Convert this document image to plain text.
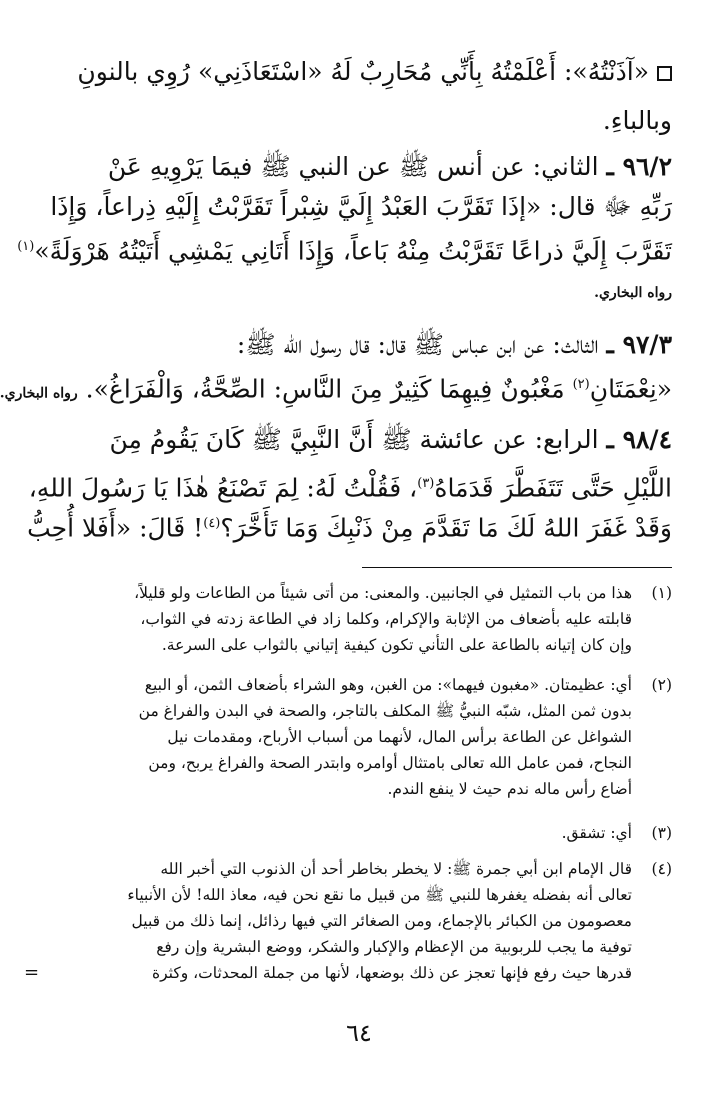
«آذَنْتُهُ»: أَعْلَمْتُهُ بِأَنِّي مُحَارِبٌ لَهُ «اسْتَعَاذَنِي» رُوِي بالنونِ
وبالباءِ.
٩٦/٢ ـ الثاني: عن أنس ﷺ عن النبي ﷺ فيمَا يَرْوِيهِ عَنْ
رَبِّهِ ﷻ قال: «إذَا تَقَرَّبَ العَبْدُ إِلَيَّ شِبْراً تَقَرَّبْتُ إِلَيْهِ ذِراعاً، وَإِذَا
تَقَرَّبَ إِلَيَّ ذراعًا تَقَرَّبْتُ مِنْهُ بَاعاً، وَإِذَا أَتَانِي يَمْشِي أَتَيْتُهُ هَرْوَلَةً»$^{(١)}$
رواه البخاري.
٩٧/٣ ـ الثالث: عن ابن عباس ﷺ قال: قال رسول الله ﷺ:
«نِعْمَتَانِ$^{(٢)}$ مَغْبُونٌ فِيهِمَا كَثِيرٌ مِنَ النَّاسِ: الصِّحَّةُ، وَالْفَرَاغُ». رواه البخاري.
٩٨/٤ ـ الرابع: عن عائشة ﷺ أَنَّ النَّبِيَّ ﷺ كَانَ يَقُومُ مِنَ
اللَّيْلِ حَتَّى تَتَفَطَّرَ قَدَمَاهُ$^{(٣)}$، فَقُلْتُ لَهُ: لِمَ تَصْنَعُ هٰذَا يَا رَسُولَ اللهِ،
وَقَدْ غَفَرَ اللهُ لَكَ مَا تَقَدَّمَ مِنْ ذَنْبِكَ وَمَا تَأَخَّرَ؟$^{(٤)}$! قَالَ: «أَفَلا أُحِبُّ
(١)هذا من باب التمثيل في الجانبين. والمعنى: من أتى شيئاً من الطاعات ولو قليلاً،
قابلته عليه بأضعاف من الإثابة والإكرام، وكلما زاد في الطاعة زدته في الثواب،
وإن كان إتيانه بالطاعة على التأني تكون كيفية إتياني بالثواب على السرعة.
(٢)أي: عظيمتان. «مغبون فيهما»: من الغبن، وهو الشراء بأضعاف الثمن، أو البيع
بدون ثمن المثل، شبّه النبيُّ ﷺ المكلف بالتاجر، والصحة في البدن والفراغ من
الشواغل عن الطاعة برأس المال، لأنهما من أسباب الأرباح، ومقدمات نيل
النجاح، فمن عامل الله تعالى بامتثال أوامره وابتدر الصحة والفراغ يربح، ومن
أضاع رأس ماله ندم حيث لا ينفع الندم.
(٣)أي: تشقق.
(٤)قال الإمام ابن أبي جمرة ﷺ: لا يخطر بخاطر أحد أن الذنوب التي أخبر الله
تعالى أنه بفضله يغفرها للنبي ﷺ من قبيل ما نقع نحن فيه، معاذ الله! لأن الأنبياء
معصومون من الكبائر بالإجماع، ومن الصغائر التي فيها رذائل، إنما ذلك من قبيل
توفية ما يجب للربوبية من الإعظام والإكبار والشكر، ووضع البشرية وإن رفع
قدرها حيث رفع فإنها تعجز عن ذلك بوضعها، لأنها من جملة المحدثات، وكثرة
=
٦٤
